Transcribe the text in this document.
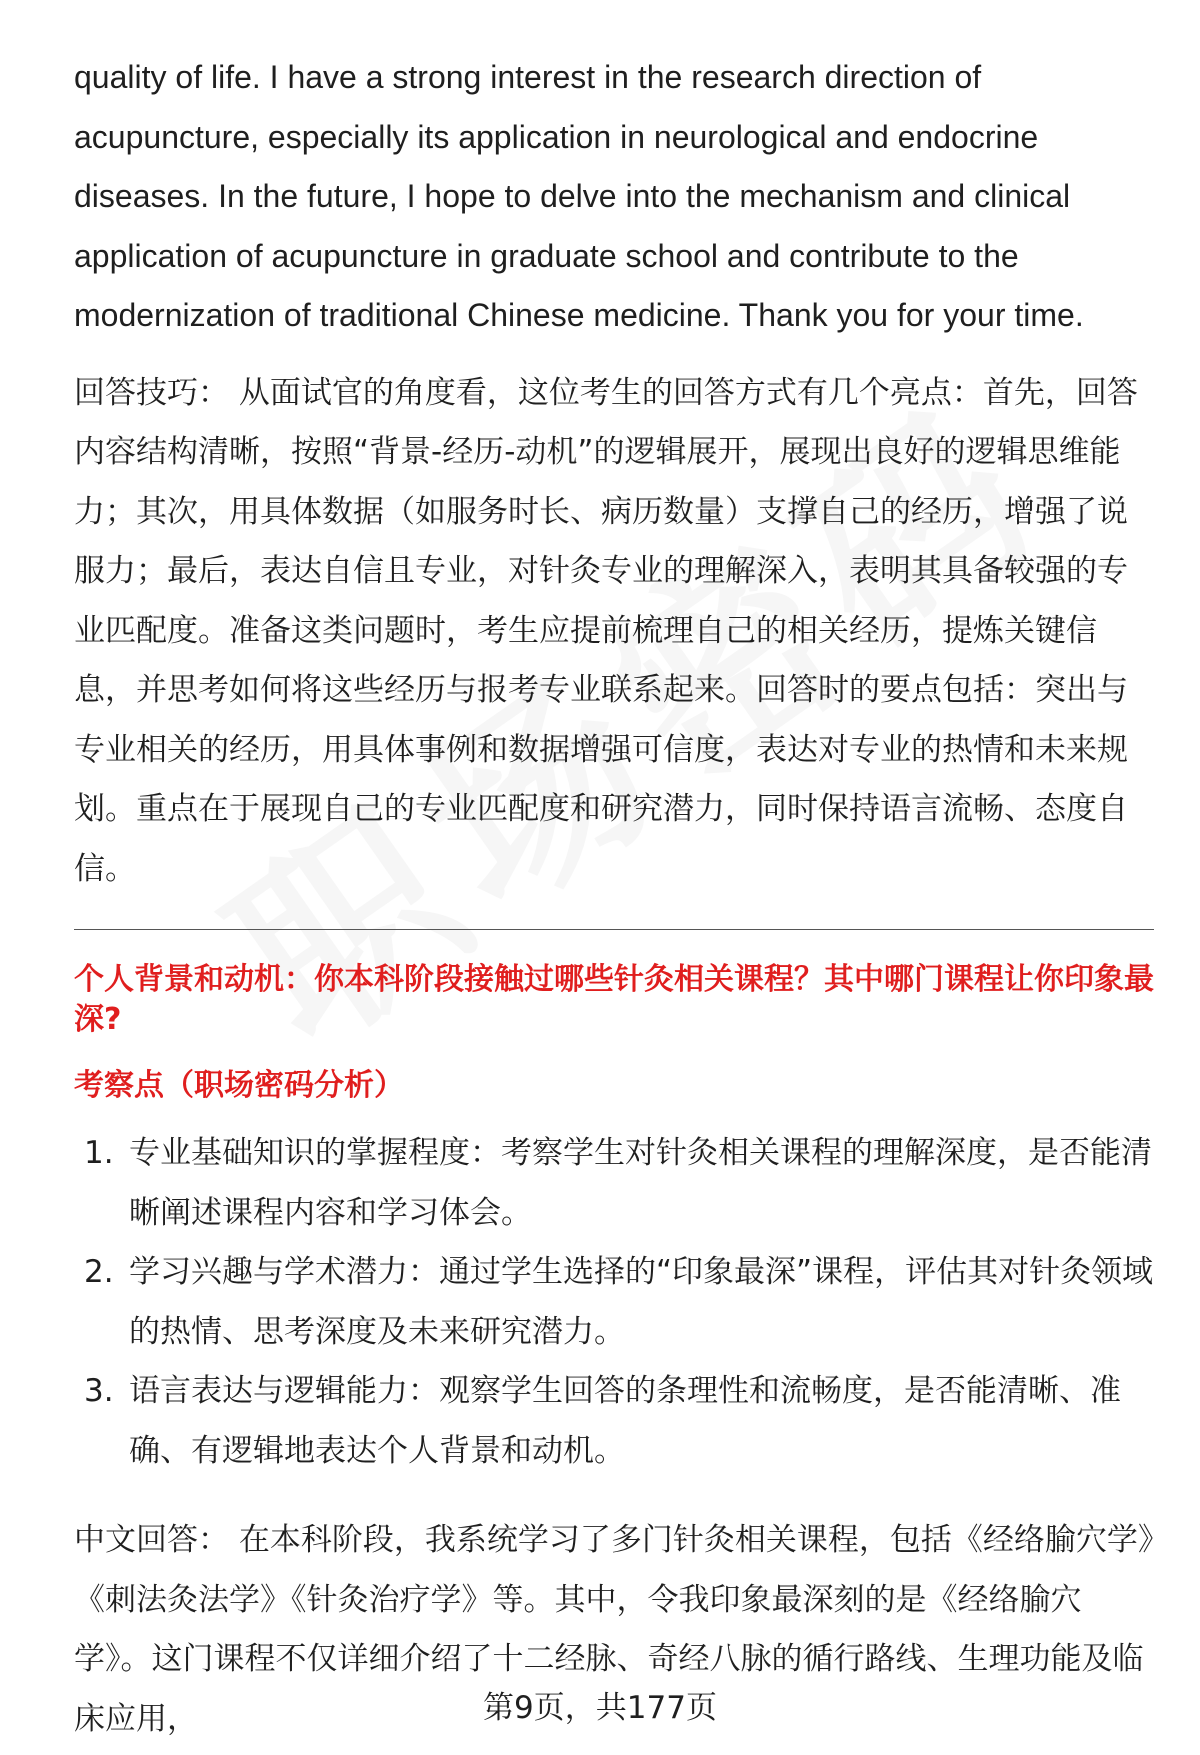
quality of life. I have a strong interest in the research direction of acupuncture, especially its application in neurological and endocrine diseases. In the future, I hope to delve into the mechanism and clinical application of acupuncture in graduate school and contribute to the modernization of traditional Chinese medicine. Thank you for your time.

回答技巧： 从面试官的角度看，这位考生的回答方式有几个亮点：首先，回答内容结构清晰，按照“背景-经历-动机”的逻辑展开，展现出良好的逻辑思维能力；其次，用具体数据（如服务时长、病历数量）支撑自己的经历，增强了说服力；最后，表达自信且专业，对针灸专业的理解深入，表明其具备较强的专业匹配度。准备这类问题时，考生应提前梳理自己的相关经历，提炼关键信息，并思考如何将这些经历与报考专业联系起来。回答时的要点包括：突出与专业相关的经历，用具体事例和数据增强可信度，表达对专业的热情和未来规划。重点在于展现自己的专业匹配度和研究潜力，同时保持语言流畅、态度自信。

个人背景和动机：你本科阶段接触过哪些针灸相关课程？其中哪门课程让你印象最深?

考察点（职场密码分析）

1. 专业基础知识的掌握程度：考察学生对针灸相关课程的理解深度，是否能清晰阐述课程内容和学习体会。
2. 学习兴趣与学术潜力：通过学生选择的“印象最深”课程，评估其对针灸领域的热情、思考深度及未来研究潜力。
3. 语言表达与逻辑能力：观察学生回答的条理性和流畅度，是否能清晰、准确、有逻辑地表达个人背景和动机。

中文回答： 在本科阶段，我系统学习了多门针灸相关课程，包括《经络腧穴学》《刺法灸法学》《针灸治疗学》等。其中，令我印象最深刻的是《经络腧穴学》。这门课程不仅详细介绍了十二经脉、奇经八脉的循行路线、生理功能及临床应用，	第9页，共177页
